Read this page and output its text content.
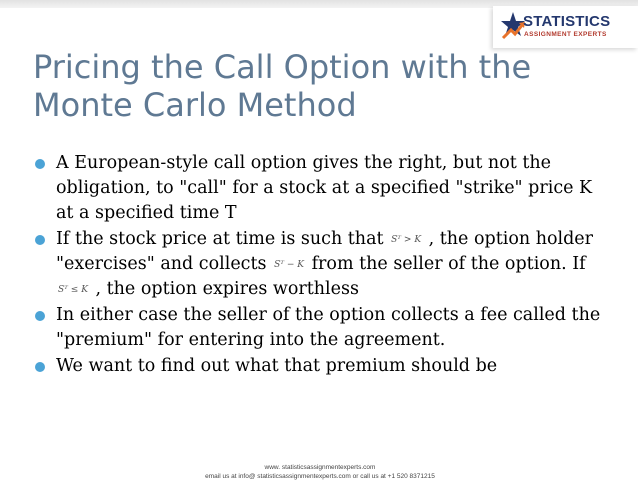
STATISTICS
ASSIGNMENT EXPERTS
Pricing the Call Option with the
Monte Carlo Method
A European-style call option gives the right, but not the obligation, to "call" for a stock at a specified "strike" price K at a specified time T
If the stock price at time is such that Sᵀ > K , the option holder "exercises" and collects Sᵀ − K from the seller of the option. If Sᵀ ≤ K , the option expires worthless
In either case the seller of the option collects a fee called the "premium" for entering into the agreement.
We want to find out what that premium should be
www. statisticsassignmentexperts.com
email us at info@ statisticsassignmentexperts.com or call us at +1 520 8371215
